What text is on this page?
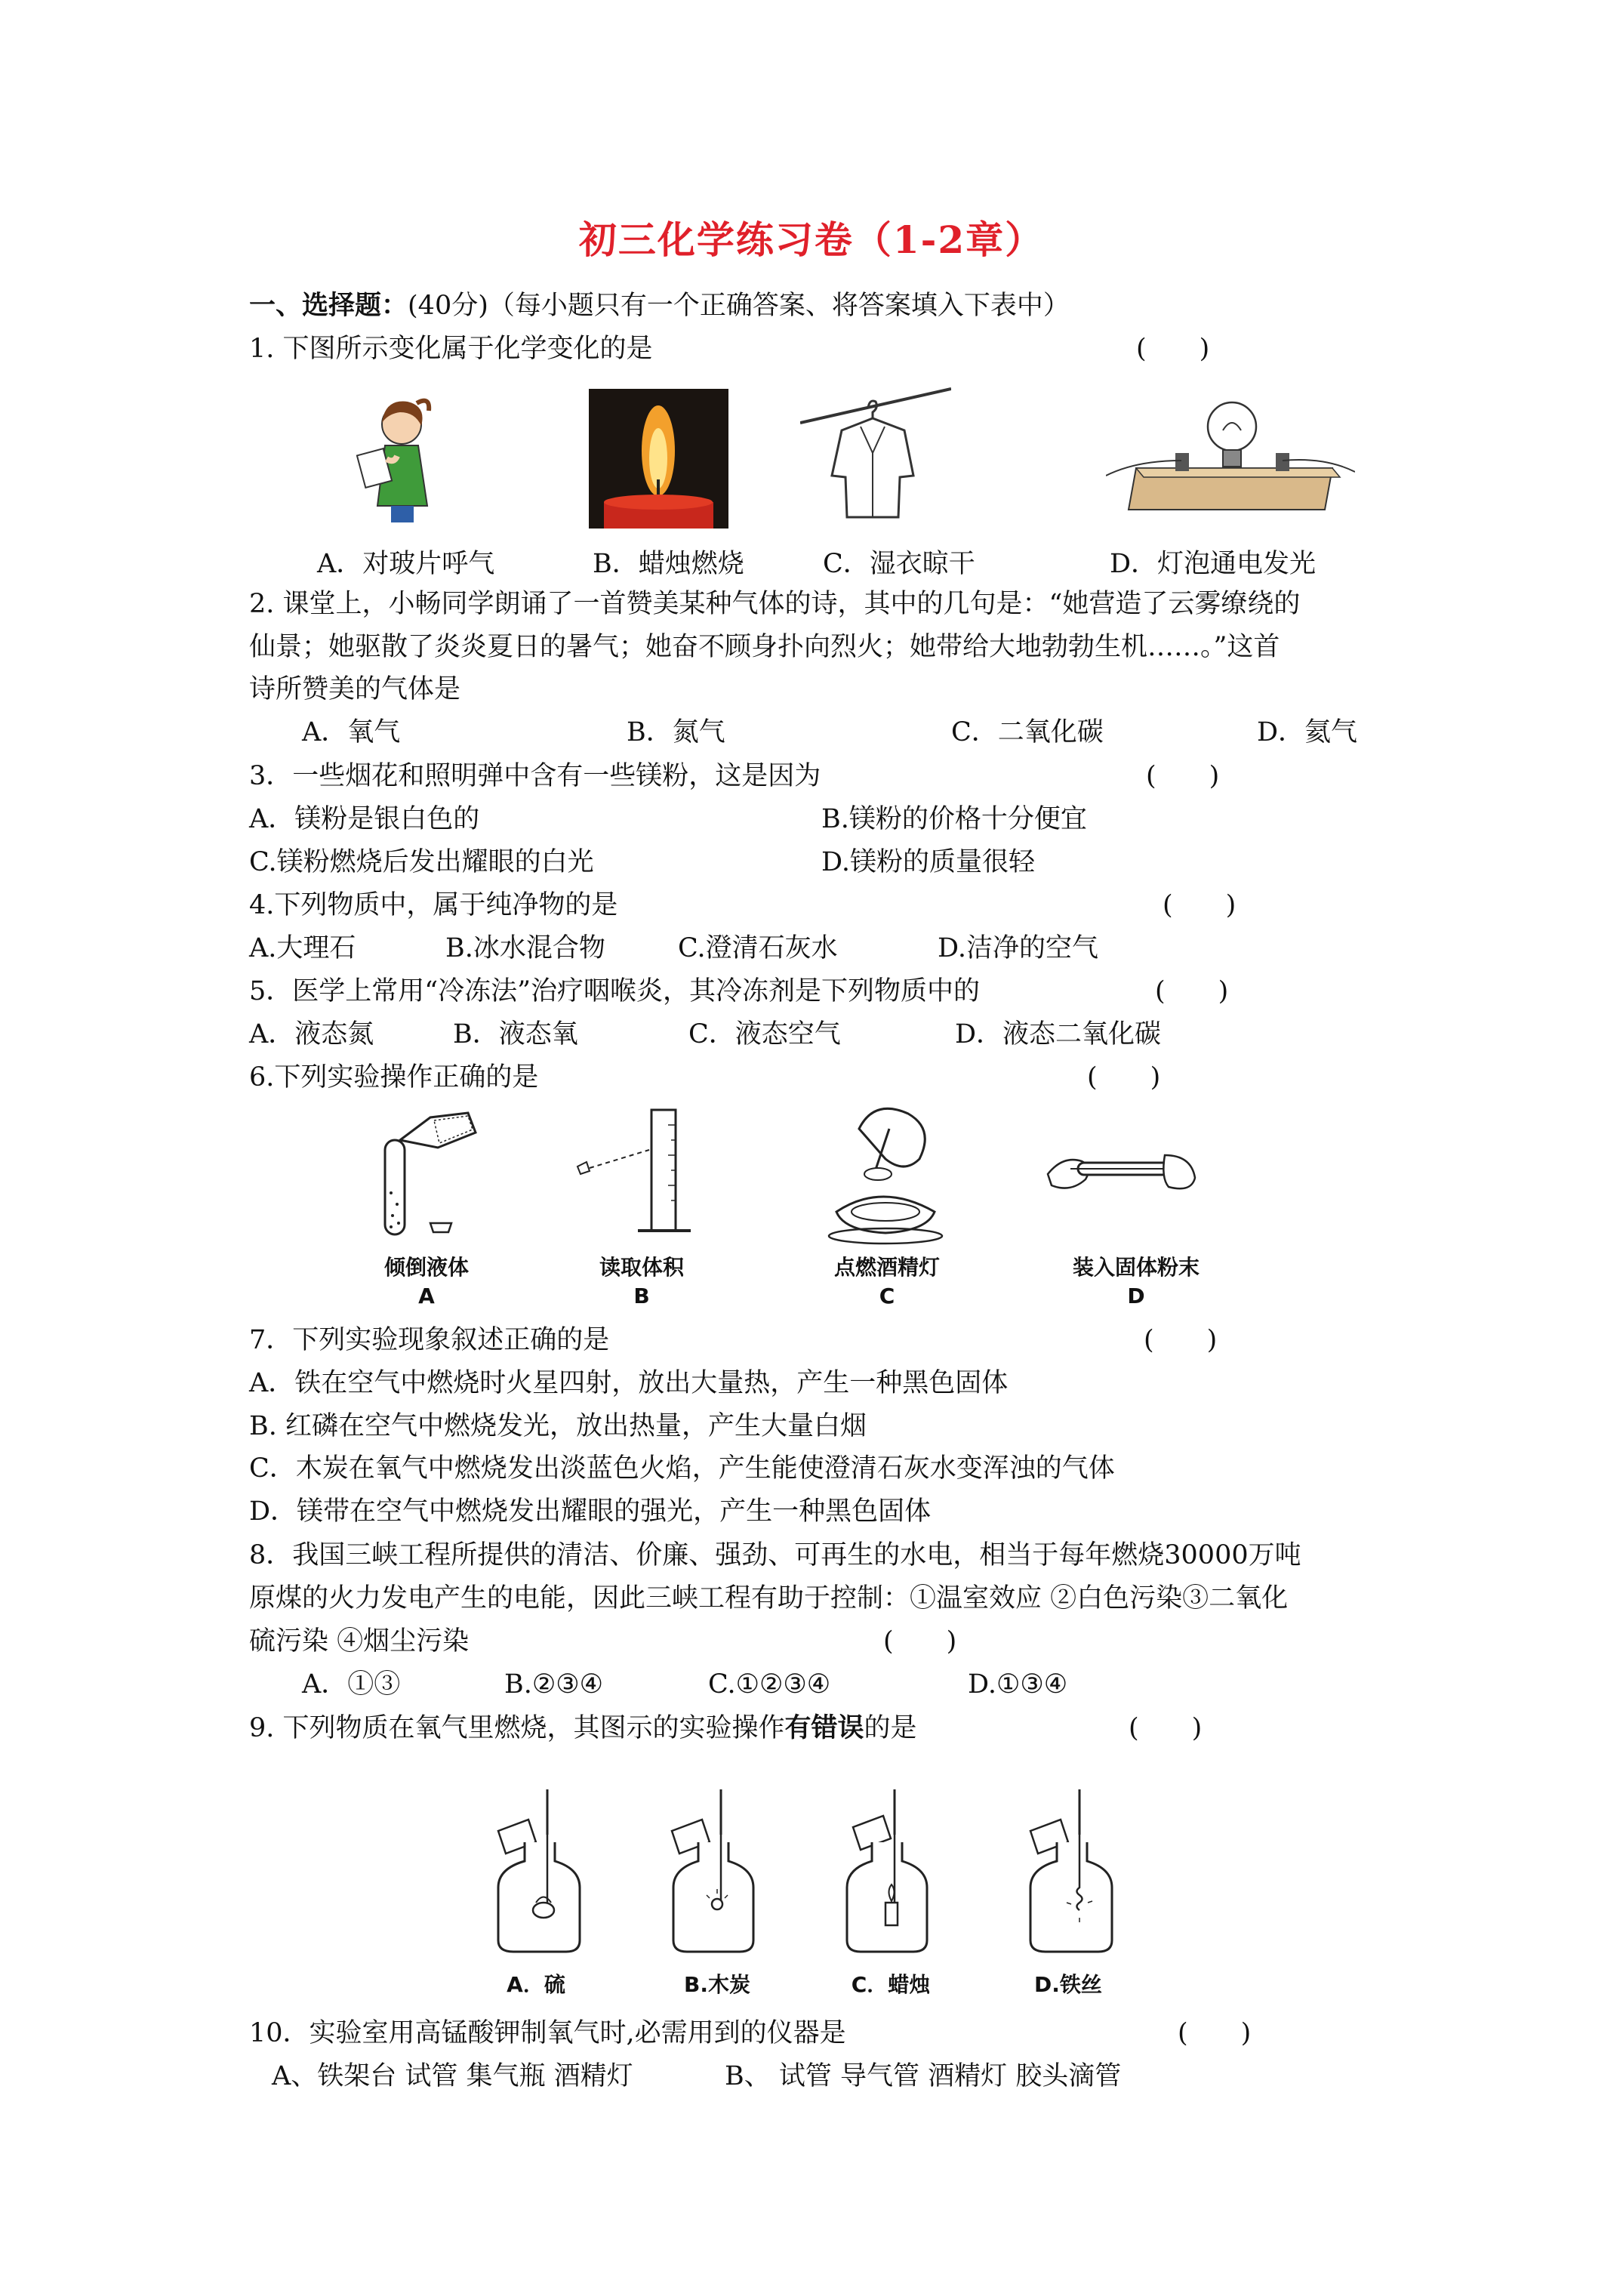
初三化学练习卷（1-2章）
一、选择题：(40分)（每小题只有一个正确答案、将答案填入下表中）
1. 下图所示变化属于化学变化的是	(　　)
A．对玻片呼气	B．蜡烛燃烧	C．湿衣晾干	D．灯泡通电发光
2. 课堂上，小畅同学朗诵了一首赞美某种气体的诗，其中的几句是：“她营造了云雾缭绕的
仙景；她驱散了炎炎夏日的暑气；她奋不顾身扑向烈火；她带给大地勃勃生机……。”这首
诗所赞美的气体是
A．氧气	B．氮气	C．二氧化碳	D．氦气
3．一些烟花和照明弹中含有一些镁粉，这是因为	(　　)
A．镁粉是银白色的	B.镁粉的价格十分便宜
C.镁粉燃烧后发出耀眼的白光	D.镁粉的质量很轻
4.下列物质中，属于纯净物的是	(　　)
A.大理石	B.冰水混合物	C.澄清石灰水	D.洁净的空气
5．医学上常用“冷冻法”治疗咽喉炎，其冷冻剂是下列物质中的	(　　)
A．液态氮	B．液态氧	C．液态空气	D．液态二氧化碳
6.下列实验操作正确的是	(　　)
倾倒液体	读取体积	点燃酒精灯	装入固体粉末
A	B	C	D
7．下列实验现象叙述正确的是	(　　)
A．铁在空气中燃烧时火星四射，放出大量热，产生一种黑色固体
B. 红磷在空气中燃烧发光，放出热量，产生大量白烟
C．木炭在氧气中燃烧发出淡蓝色火焰，产生能使澄清石灰水变浑浊的气体
D．镁带在空气中燃烧发出耀眼的强光，产生一种黑色固体
8．我国三峡工程所提供的清洁、价廉、强劲、可再生的水电，相当于每年燃烧30000万吨
原煤的火力发电产生的电能，因此三峡工程有助于控制：①温室效应 ②白色污染③二氧化
硫污染 ④烟尘污染	(　　)
A．①③	B.②③④	C.①②③④	D.①③④
9. 下列物质在氧气里燃烧，其图示的实验操作有错误的是	(　　)
A．硫	B.木炭	C．蜡烛	D.铁丝
10．实验室用高锰酸钾制氧气时,必需用到的仪器是	(　　)
A、铁架台 试管 集气瓶 酒精灯	B、 试管 导气管 酒精灯 胶头滴管
